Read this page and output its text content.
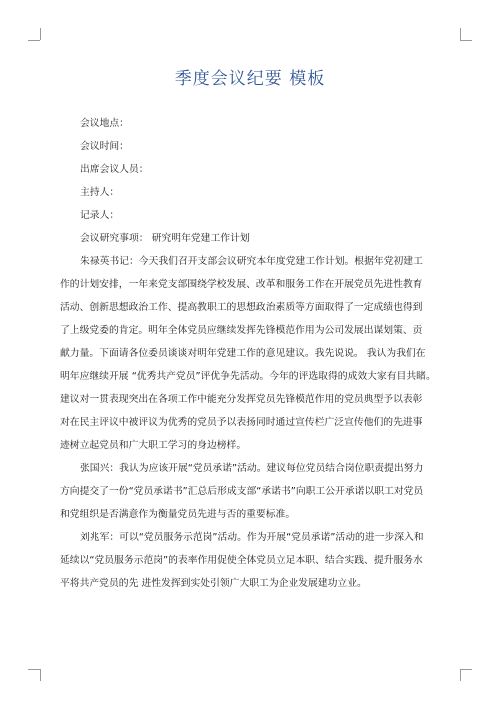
季度会议纪要 模板
会议地点：
会议时间：
出席会议人员：
主持人：
记录人：
会议研究事项： 研究明年党建工作计划
朱禄英书记：今天我们召开支部会议研究本年度党建工作计划。根据年党初建工
作的计划安排，一年来党支部围绕学校发展、改革和服务工作在开展党员先进性教育
活动、创新思想政治工作、提高教职工的思想政治素质等方面取得了一定成绩也得到
了上级党委的肯定。明年全体党员应继续发挥先锋模范作用为公司发展出谋划策、贡
献力量。下面请各位委员谈谈对明年党建工作的意见建议。我先说说。 我认为我们在
明年应继续开展 “优秀共产党员”评优争先活动。今年的评选取得的成效大家有目共睹。
建议对一贯表现突出在各项工作中能充分发挥党员先锋模范作用的党员典型予以表彰
对在民主评议中被评议为优秀的党员予以表扬同时通过宣传栏广泛宣传他们的先进事
迹树立起党员和广大职工学习的身边榜样。
张国兴：我认为应该开展“党员承诺”活动。建议每位党员结合岗位职责提出努力
方向提交了一份“党员承诺书”汇总后形成支部“承诺书”向职工公开承诺以职工对党员
和党组织是否满意作为衡量党员先进与否的重要标准。
刘兆军：可以“党员服务示范岗”活动。作为开展“党员承诺”活动的进一步深入和
延续以“党员服务示范岗”的表率作用促使全体党员立足本职、结合实践、提升服务水
平将共产党员的先 进性发挥到实处引领广大职工为企业发展建功立业。
